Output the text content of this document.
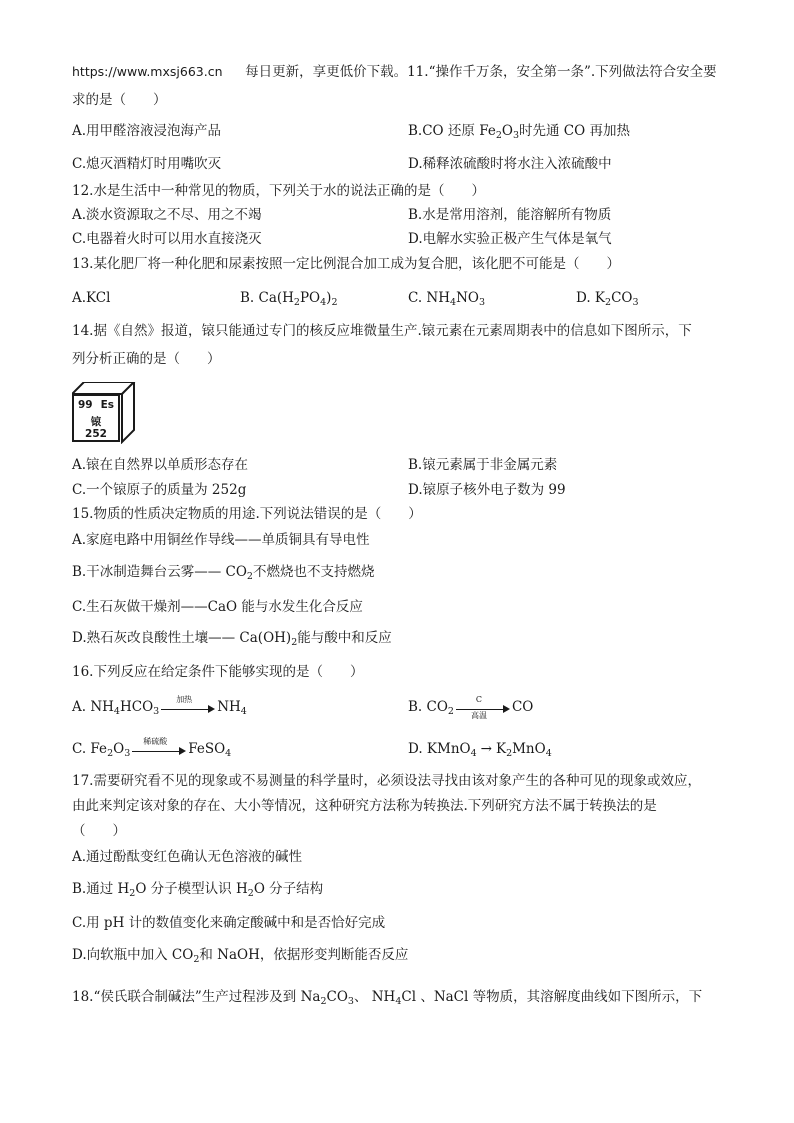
https://www.mxsj663.cn 每日更新，享更低价下载。11.“操作千万条，安全第一条”.下列做法符合安全要
求的是（　　）
A.用甲醛溶液浸泡海产品	B.CO 还原 $Fe_2O_3$时先通 CO 再加热
C.熄灭酒精灯时用嘴吹灭	D.稀释浓硫酸时将水注入浓硫酸中
12.水是生活中一种常见的物质，下列关于水的说法正确的是（　　）
A.淡水资源取之不尽、用之不竭	B.水是常用溶剂，能溶解所有物质
C.电器着火时可以用水直接浇灭	D.电解水实验正极产生气体是氧气
13.某化肥厂将一种化肥和尿素按照一定比例混合加工成为复合肥，该化肥不可能是（　　）
A.KCl	B. $Ca(H_2PO_4)_2$	C. $NH_4NO_3$	D. $K_2CO_3$
14.据《自然》报道，锿只能通过专门的核反应堆微量生产.锿元素在元素周期表中的信息如下图所示，下
列分析正确的是（　　）
99 Es
锿
252
A.锿在自然界以单质形态存在	B.锿元素属于非金属元素
C.一个锿原子的质量为 252g	D.锿原子核外电子数为 99
15.物质的性质决定物质的用途.下列说法错误的是（　　）
A.家庭电路中用铜丝作导线——单质铜具有导电性
B.干冰制造舞台云雾—— $CO_2$不燃烧也不支持燃烧
C.生石灰做干燥剂——CaO 能与水发生化合反应
D.熟石灰改良酸性土壤—— $Ca(OH)_2$能与酸中和反应
16.下列反应在给定条件下能够实现的是（　　）
A. $NH_4HCO_3$
加热	$NH_4$	B. $CO_2$
C
高温	CO
C. $Fe_2O_3$
稀硫酸	FeSO$_4$	D. KMnO$_4$ → $K_2MnO_4$
17.需要研究看不见的现象或不易测量的科学量时，必须设法寻找由该对象产生的各种可见的现象或效应，
由此来判定该对象的存在、大小等情况，这种研究方法称为转换法.下列研究方法不属于转换法的是
（　　）
A.通过酚酞变红色确认无色溶液的碱性
B.通过 $H_2O$ 分子模型认识 $H_2O$ 分子结构
C.用 pH 计的数值变化来确定酸碱中和是否恰好完成
D.向软瓶中加入 $CO_2$和 NaOH，依据形变判断能否反应
18.“侯氏联合制碱法”生产过程涉及到 $Na_2CO_3$、 $NH_4Cl$ 、NaCl 等物质，其溶解度曲线如下图所示，下
